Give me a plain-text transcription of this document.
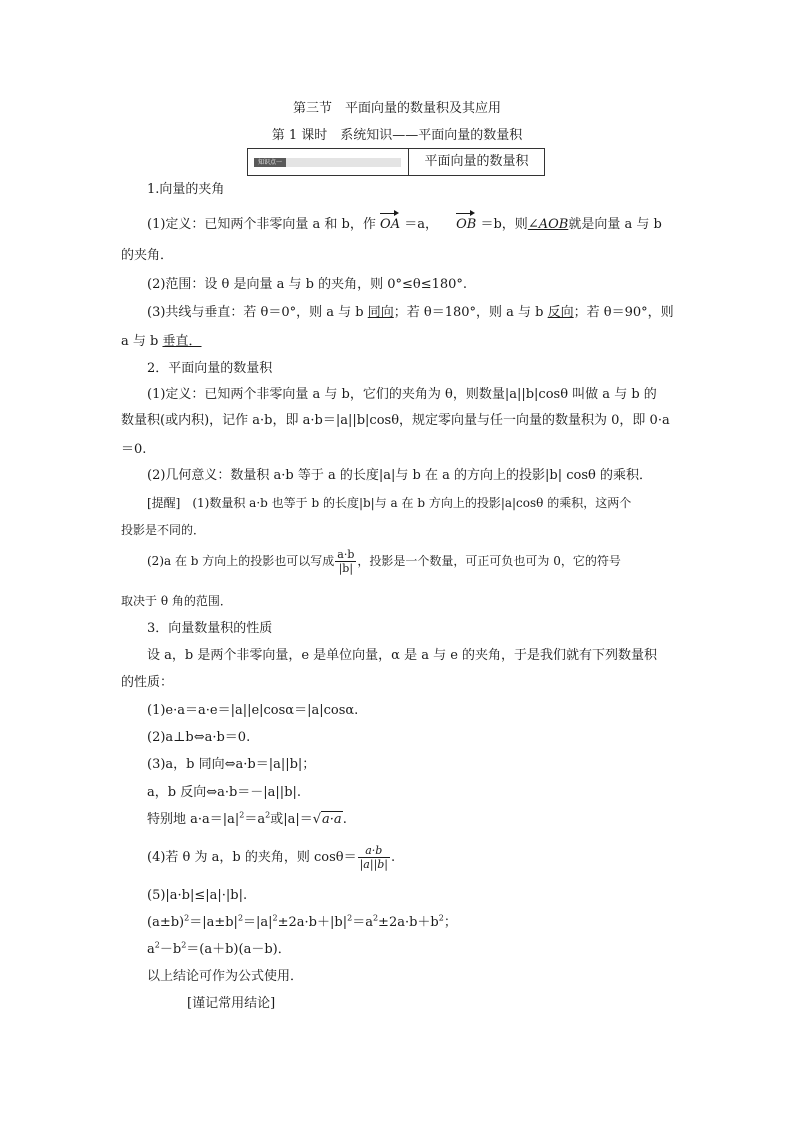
第三节　平面向量的数量积及其应用
第 1 课时　系统知识——平面向量的数量积
知识点一	平面向量的数量积
1.向量的夹角
(1)定义：已知两个非零向量 a 和 b，作 OA ＝a， OB ＝b，则∠AOB就是向量 a 与 b
的夹角．
(2)范围：设 θ 是向量 a 与 b 的夹角，则 0°≤θ≤180°.
(3)共线与垂直：若 θ＝0°，则 a 与 b 同向；若 θ＝180°，则 a 与 b 反向；若 θ＝90°，则
a 与 b 垂直．
2．平面向量的数量积
(1)定义：已知两个非零向量 a 与 b，它们的夹角为 θ，则数量|a||b|cosθ 叫做 a 与 b 的
数量积(或内积)，记作 a·b，即 a·b＝|a||b|cosθ，规定零向量与任一向量的数量积为 0，即 0·a
＝0.
(2)几何意义：数量积 a·b 等于 a 的长度|a|与 b 在 a 的方向上的投影|b| cosθ 的乘积．
[提醒]　(1)数量积 a·b 也等于 b 的长度|b|与 a 在 b 方向上的投影|a|cosθ 的乘积，这两个
投影是不同的．
(2)a 在 b 方向上的投影也可以写成 $\frac{a\cdot b}{|b|}$ ，投影是一个数量，可正可负也可为 0，它的符号
取决于 θ 角的范围．
3．向量数量积的性质
设 a，b 是两个非零向量，e 是单位向量，α 是 a 与 e 的夹角，于是我们就有下列数量积
的性质：
(1)e·a＝a·e＝|a||e|cosα＝|a|cosα.
(2)a⊥b⇔a·b＝0.
(3)a，b 同向⇔a·b＝|a||b|；
a，b 反向⇔a·b＝－|a||b|.
特别地 $a\cdot a=|a|^2=a^2$或|a|＝√a·a.
(4)若 θ 为 a，b 的夹角，则 $\cos\theta= \frac{a\cdot b}{|a||b|}$ .
(5)|a·b|≤|a|·|b|.
$(a\pm b)^2=|a\pm b|^2=|a|^2\pm 2a\cdot b+|b|^2=a^2\pm 2a\cdot b+b^2$；
$a^2-b^2=(a+b)(a-b)$．
以上结论可作为公式使用．
[谨记常用结论]
